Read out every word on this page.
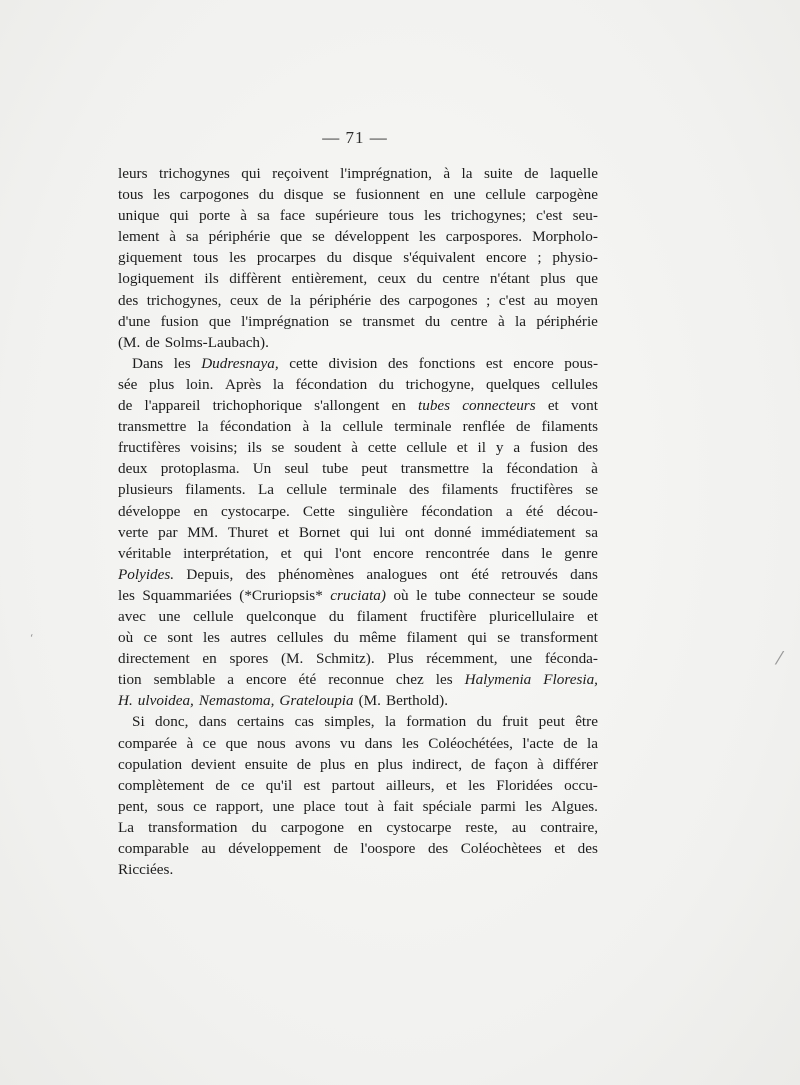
— 71 —
leurs trichogynes qui reçoivent l'imprégnation, à la suite de laquelle
tous les carpogones du disque se fusionnent en une cellule carpogène
unique qui porte à sa face supérieure tous les trichogynes; c'est seu-
lement à sa périphérie que se développent les carpospores. Morpholo-
giquement tous les procarpes du disque s'équivalent encore ; physio-
logiquement ils diffèrent entièrement, ceux du centre n'étant plus que
des trichogynes, ceux de la périphérie des carpogones ; c'est au moyen
d'une fusion que l'imprégnation se transmet du centre à la périphérie
(M. de Solms-Laubach).
Dans les Dudresnaya, cette division des fonctions est encore pous-
sée plus loin. Après la fécondation du trichogyne, quelques cellules
de l'appareil trichophorique s'allongent en tubes connecteurs et vont
transmettre la fécondation à la cellule terminale renflée de filaments
fructifères voisins; ils se soudent à cette cellule et il y a fusion des
deux protoplasma. Un seul tube peut transmettre la fécondation à
plusieurs filaments. La cellule terminale des filaments fructifères se
développe en cystocarpe. Cette singulière fécondation a été décou-
verte par MM. Thuret et Bornet qui lui ont donné immédiatement sa
véritable interprétation, et qui l'ont encore rencontrée dans le genre
Polyides. Depuis, des phénomènes analogues ont été retrouvés dans
les Squammariées (*Cruriopsis* cruciata) où le tube connecteur se soude
avec une cellule quelconque du filament fructifère pluricellulaire et
où ce sont les autres cellules du même filament qui se transforment
directement en spores (M. Schmitz). Plus récemment, une féconda-
tion semblable a encore été reconnue chez les Halymenia Floresia,
H. ulvoidea, Nemastoma, Grateloupia (M. Berthold).
Si donc, dans certains cas simples, la formation du fruit peut être
comparée à ce que nous avons vu dans les Coléochétées, l'acte de la
copulation devient ensuite de plus en plus indirect, de façon à différer
complètement de ce qu'il est partout ailleurs, et les Floridées occu-
pent, sous ce rapport, une place tout à fait spéciale parmi les Algues.
La transformation du carpogone en cystocarpe reste, au contraire,
comparable au développement de l'oospore des Coléochètees et des
Ricciées.
‘
⁄
